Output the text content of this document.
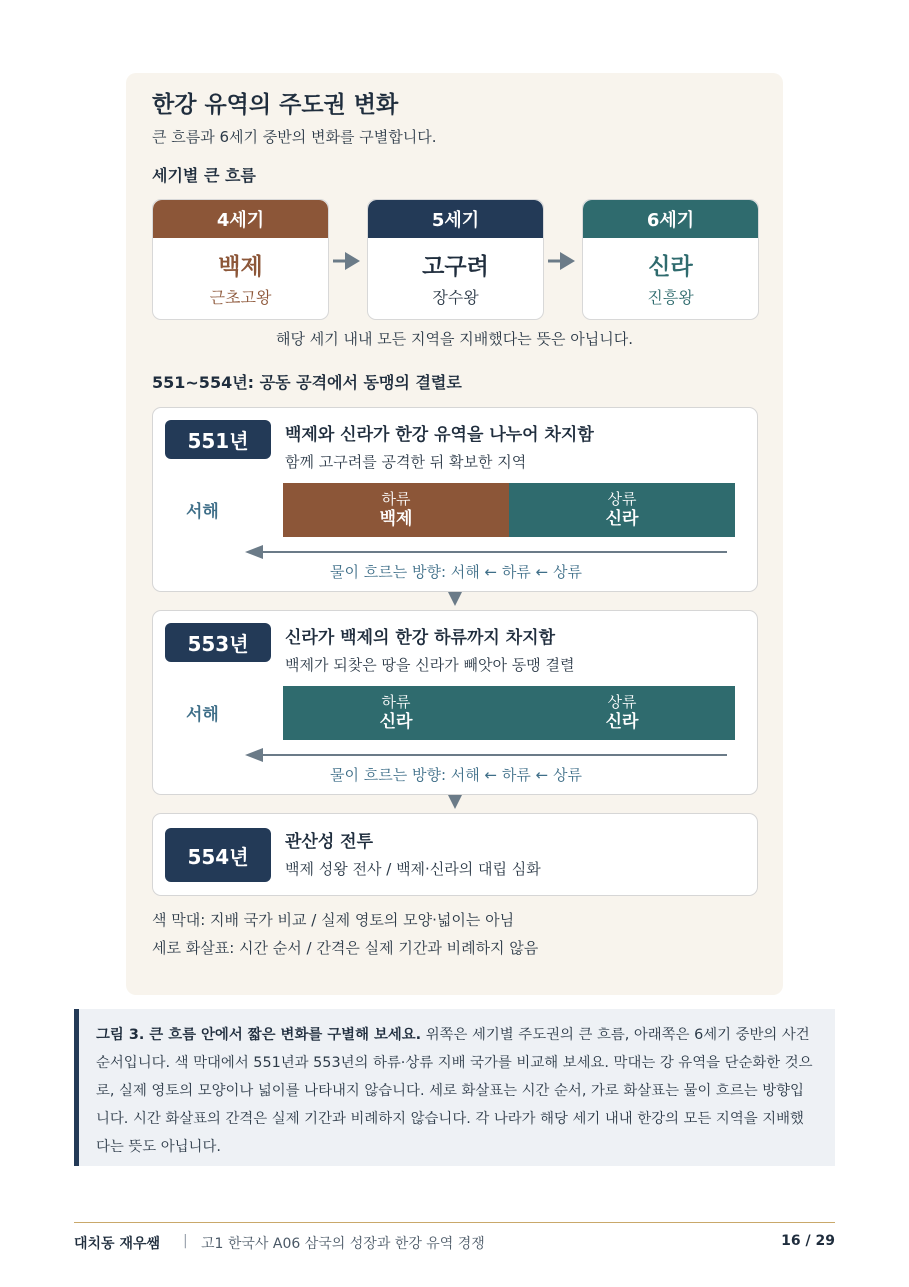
한강 유역의 주도권 변화
큰 흐름과 6세기 중반의 변화를 구별합니다.
세기별 큰 흐름
4세기
백제
근초고왕
5세기
고구려
장수왕
6세기
신라
진흥왕
해당 세기 내내 모든 지역을 지배했다는 뜻은 아닙니다.
551~554년: 공동 공격에서 동맹의 결렬로
551년	백제와 신라가 한강 유역을 나누어 차지함
함께 고구려를 공격한 뒤 확보한 지역
서해
하류
백제
상류
신라
물이 흐르는 방향: 서해 ← 하류 ← 상류
553년	신라가 백제의 한강 하류까지 차지함
백제가 되찾은 땅을 신라가 빼앗아 동맹 결렬
서해
하류
신라
상류
신라
물이 흐르는 방향: 서해 ← 하류 ← 상류
554년
관산성 전투
백제 성왕 전사 / 백제·신라의 대립 심화
색 막대: 지배 국가 비교 / 실제 영토의 모양·넓이는 아님
세로 화살표: 시간 순서 / 간격은 실제 기간과 비례하지 않음

그림 3. 큰 흐름 안에서 짧은 변화를 구별해 보세요. 위쪽은 세기별 주도권의 큰 흐름, 아래쪽은 6세기 중반의 사건 순서입니다. 색 막대에서 551년과 553년의 하류·상류 지배 국가를 비교해 보세요. 막대는 강 유역을 단순화한 것으로, 실제 영토의 모양이나 넓이를 나타내지 않습니다. 세로 화살표는 시간 순서, 가로 화살표는 물이 흐르는 방향입니다. 시간 화살표의 간격은 실제 기간과 비례하지 않습니다. 각 나라가 해당 세기 내내 한강의 모든 지역을 지배했다는 뜻도 아닙니다.

대치동 재우쌤 | 고1 한국사 A06 삼국의 성장과 한강 유역 경쟁	16 / 29
